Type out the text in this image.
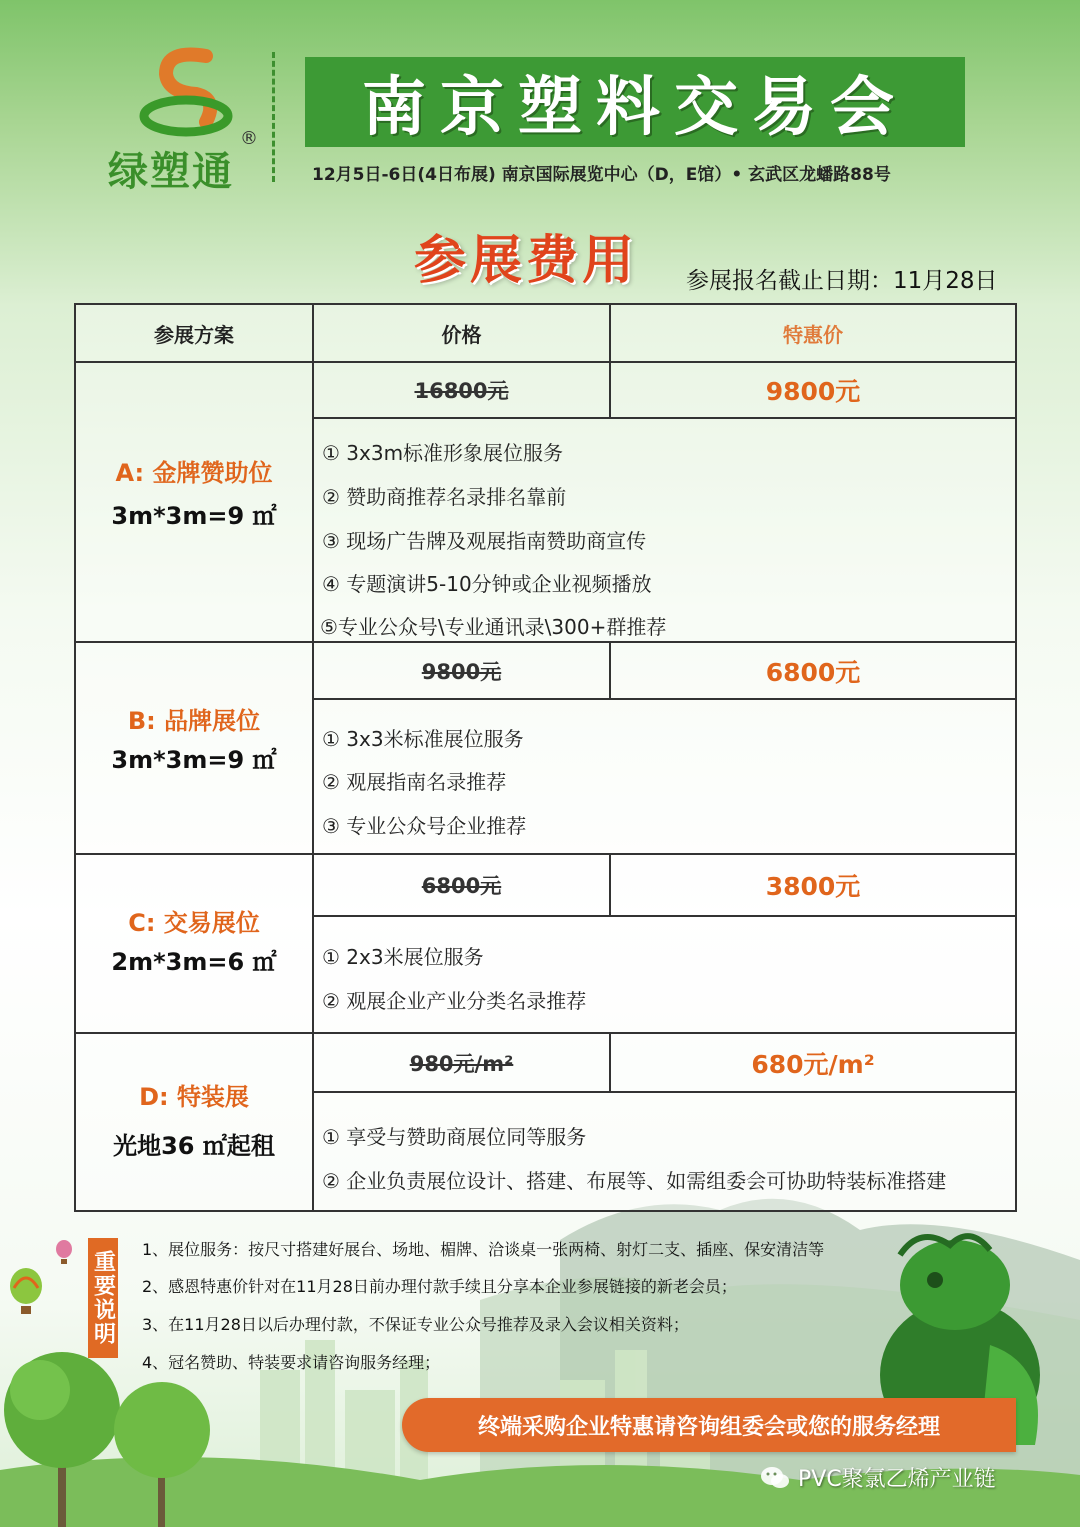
绿塑通
® 南京塑料交易会
12月5日-6日(4日布展) 南京国际展览中心（D，E馆）• 玄武区龙蟠路88号
参展费用 参展报名截止日期：11月28日
参展方案	价格	特惠价
A: 金牌赞助位
3m*3m=9 ㎡
16800元	9800元
① 3x3m标准形象展位服务
② 赞助商推荐名录排名靠前
③ 现场广告牌及观展指南赞助商宣传
④ 专题演讲5-10分钟或企业视频播放
⑤专业公众号\专业通讯录\300+群推荐
B: 品牌展位
3m*3m=9 ㎡
9800元	6800元
① 3x3米标准展位服务
② 观展指南名录推荐
③ 专业公众号企业推荐
C: 交易展位
2m*3m=6 ㎡
6800元	3800元
① 2x3米展位服务
② 观展企业产业分类名录推荐
D: 特装展
光地36 ㎡起租
980元/m²	680元/m²
① 享受与赞助商展位同等服务
② 企业负责展位设计、搭建、布展等、如需组委会可协助特装标准搭建
重要说明
1、展位服务：按尺寸搭建好展台、场地、楣牌、洽谈桌一张两椅、射灯二支、插座、保安清洁等
2、感恩特惠价针对在11月28日前办理付款手续且分享本企业参展链接的新老会员；
3、在11月28日以后办理付款，不保证专业公众号推荐及录入会议相关资料；
4、冠名赞助、特装要求请咨询服务经理；
终端采购企业特惠请咨询组委会或您的服务经理
PVC聚氯乙烯产业链
